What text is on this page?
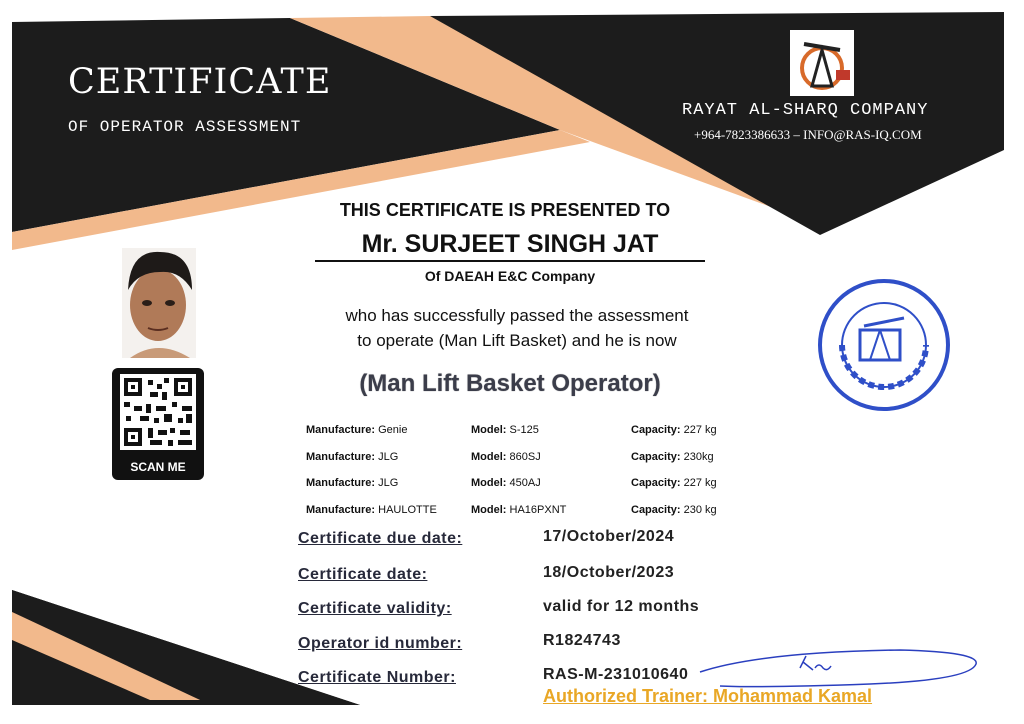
CERTIFICATE
OF OPERATOR ASSESSMENT
RAYAT AL-SHARQ COMPANY
+964-7823386633 – INFO@RAS-IQ.COM
THIS CERTIFICATE IS PRESENTED TO
Mr. SURJEET SINGH JAT
Of DAEAH E&C Company
who has successfully passed the assessment
to operate (Man Lift Basket) and he is now
(Man Lift Basket Operator)
SCAN ME
Manufacture: Genie	Model: S-125	Capacity: 227 kg
Manufacture: JLG	Model: 860SJ	Capacity: 230kg
Manufacture: JLG	Model: 450AJ	Capacity: 227 kg
Manufacture: HAULOTTE	Model: HA16PXNT	Capacity: 230 kg
Certificate due date:	17/October/2024
Certificate date:	18/October/2023
Certificate validity:	valid for 12 months
Operator id number:	R1824743
Certificate Number:	RAS-M-231010640
Authorized Trainer: Mohammad Kamal
